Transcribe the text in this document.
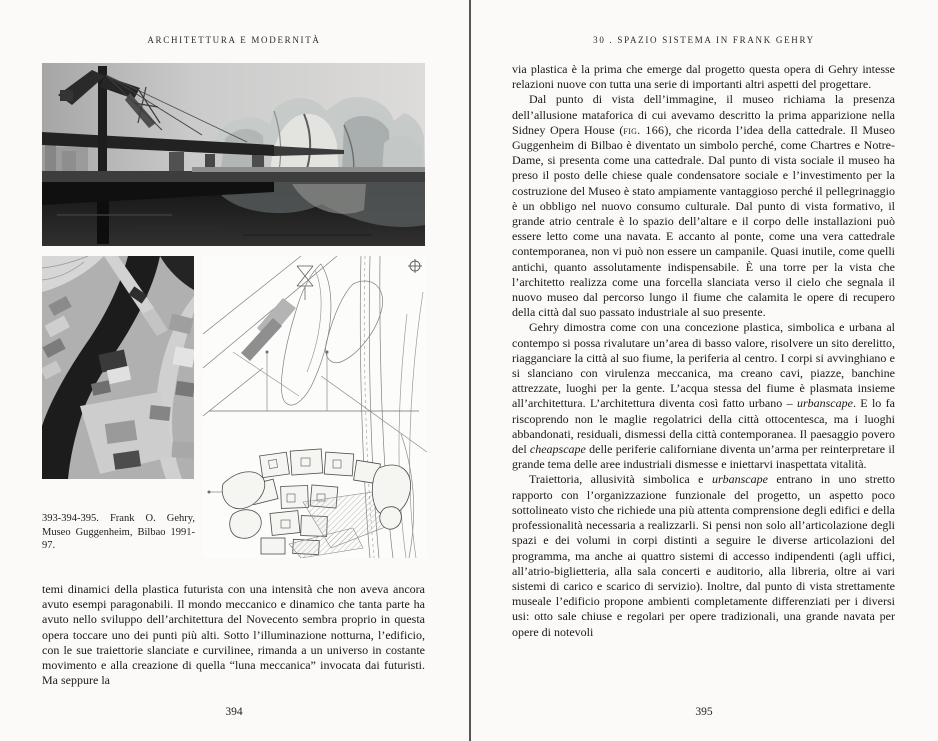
ARCHITETTURA E MODERNITÀ
393-394-395. Frank O. Gehry, Museo Guggenheim, Bilbao 1991-97.

temi dinamici della plastica futurista con una intensità che non aveva ancora avuto esempi paragonabili. Il mondo meccanico e dinamico che tanta parte ha avuto nello sviluppo dell’architettura del Novecento sembra proprio in questa opera toccare uno dei punti più alti. Sotto l’illuminazione notturna, l’edificio, con le sue traiettorie slanciate e curvilinee, rimanda a un universo in costante movimento e alla creazione di quella “luna meccanica” invocata dai futuristi. Ma seppure la

394
30 . SPAZIO SISTEMA IN FRANK GEHRY

via plastica è la prima che emerge dal progetto questa opera di Gehry intesse relazioni nuove con tutta una serie di importanti altri aspetti del progettare.

Dal punto di vista dell’immagine, il museo richiama la presenza dell’allusione mataforica di cui avevamo descritto la prima apparizione nella Sidney Opera House (fig. 166), che ricorda l’idea della cattedrale. Il Museo Guggenheim di Bilbao è diventato un simbolo perché, come Chartres e Notre-Dame, si presenta come una cattedrale. Dal punto di vista sociale il museo ha preso il posto delle chiese quale condensatore sociale e l’investimento per la costruzione del Museo è stato ampiamente vantaggioso perché il pellegrinaggio è un obbligo nel nuovo consumo culturale. Dal punto di vista formativo, il grande atrio centrale è lo spazio dell’altare e il corpo delle installazioni può essere letto come una navata. E accanto al ponte, come una vera cattedrale contemporanea, non vi può non essere un campanile. Quasi inutile, come quelli antichi, quanto assolutamente indispensabile. È una torre per la vista che l’architetto realizza come una forcella slanciata verso il cielo che segnala il nuovo museo dal percorso lungo il fiume che calamita le opere di recupero della città dal suo passato industriale al suo presente.

Gehry dimostra come con una concezione plastica, simbolica e urbana al contempo si possa rivalutare un’area di basso valore, risolvere un sito derelitto, riagganciare la città al suo fiume, la periferia al centro. I corpi si avvinghiano e si slanciano con virulenza meccanica, ma creano cavi, piazze, banchine attrezzate, luoghi per la gente. L’acqua stessa del fiume è plasmata insieme all’architettura. L’architettura diventa così fatto urbano – urbanscape. E lo fa riscoprendo non le maglie regolatrici della città ottocentesca, ma i luoghi abbandonati, residuali, dismessi della città contemporanea. Il paesaggio povero del cheapscape delle periferie californiane diventa un’arma per reinterpretare il grande tema delle aree industriali dismesse e iniettarvi inaspettata vitalità.

Traiettoria, allusività simbolica e urbanscape entrano in uno stretto rapporto con l’organizzazione funzionale del progetto, un aspetto poco sottolineato visto che richiede una più attenta comprensione degli edifici e della professionalità necessaria a realizzarli. Si pensi non solo all’articolazione degli spazi e dei volumi in corpi distinti a seguire le diverse articolazioni del programma, ma anche ai quattro sistemi di accesso indipendenti (agli uffici, all’atrio-biglietteria, alla sala concerti e auditorio, alla libreria, oltre ai vari sistemi di carico e scarico di servizio). Inoltre, dal punto di vista strettamente museale l’edificio propone ambienti completamente differenziati per i diversi usi: otto sale chiuse e regolari per opere tradizionali, una grande navata per opere di notevoli

395
